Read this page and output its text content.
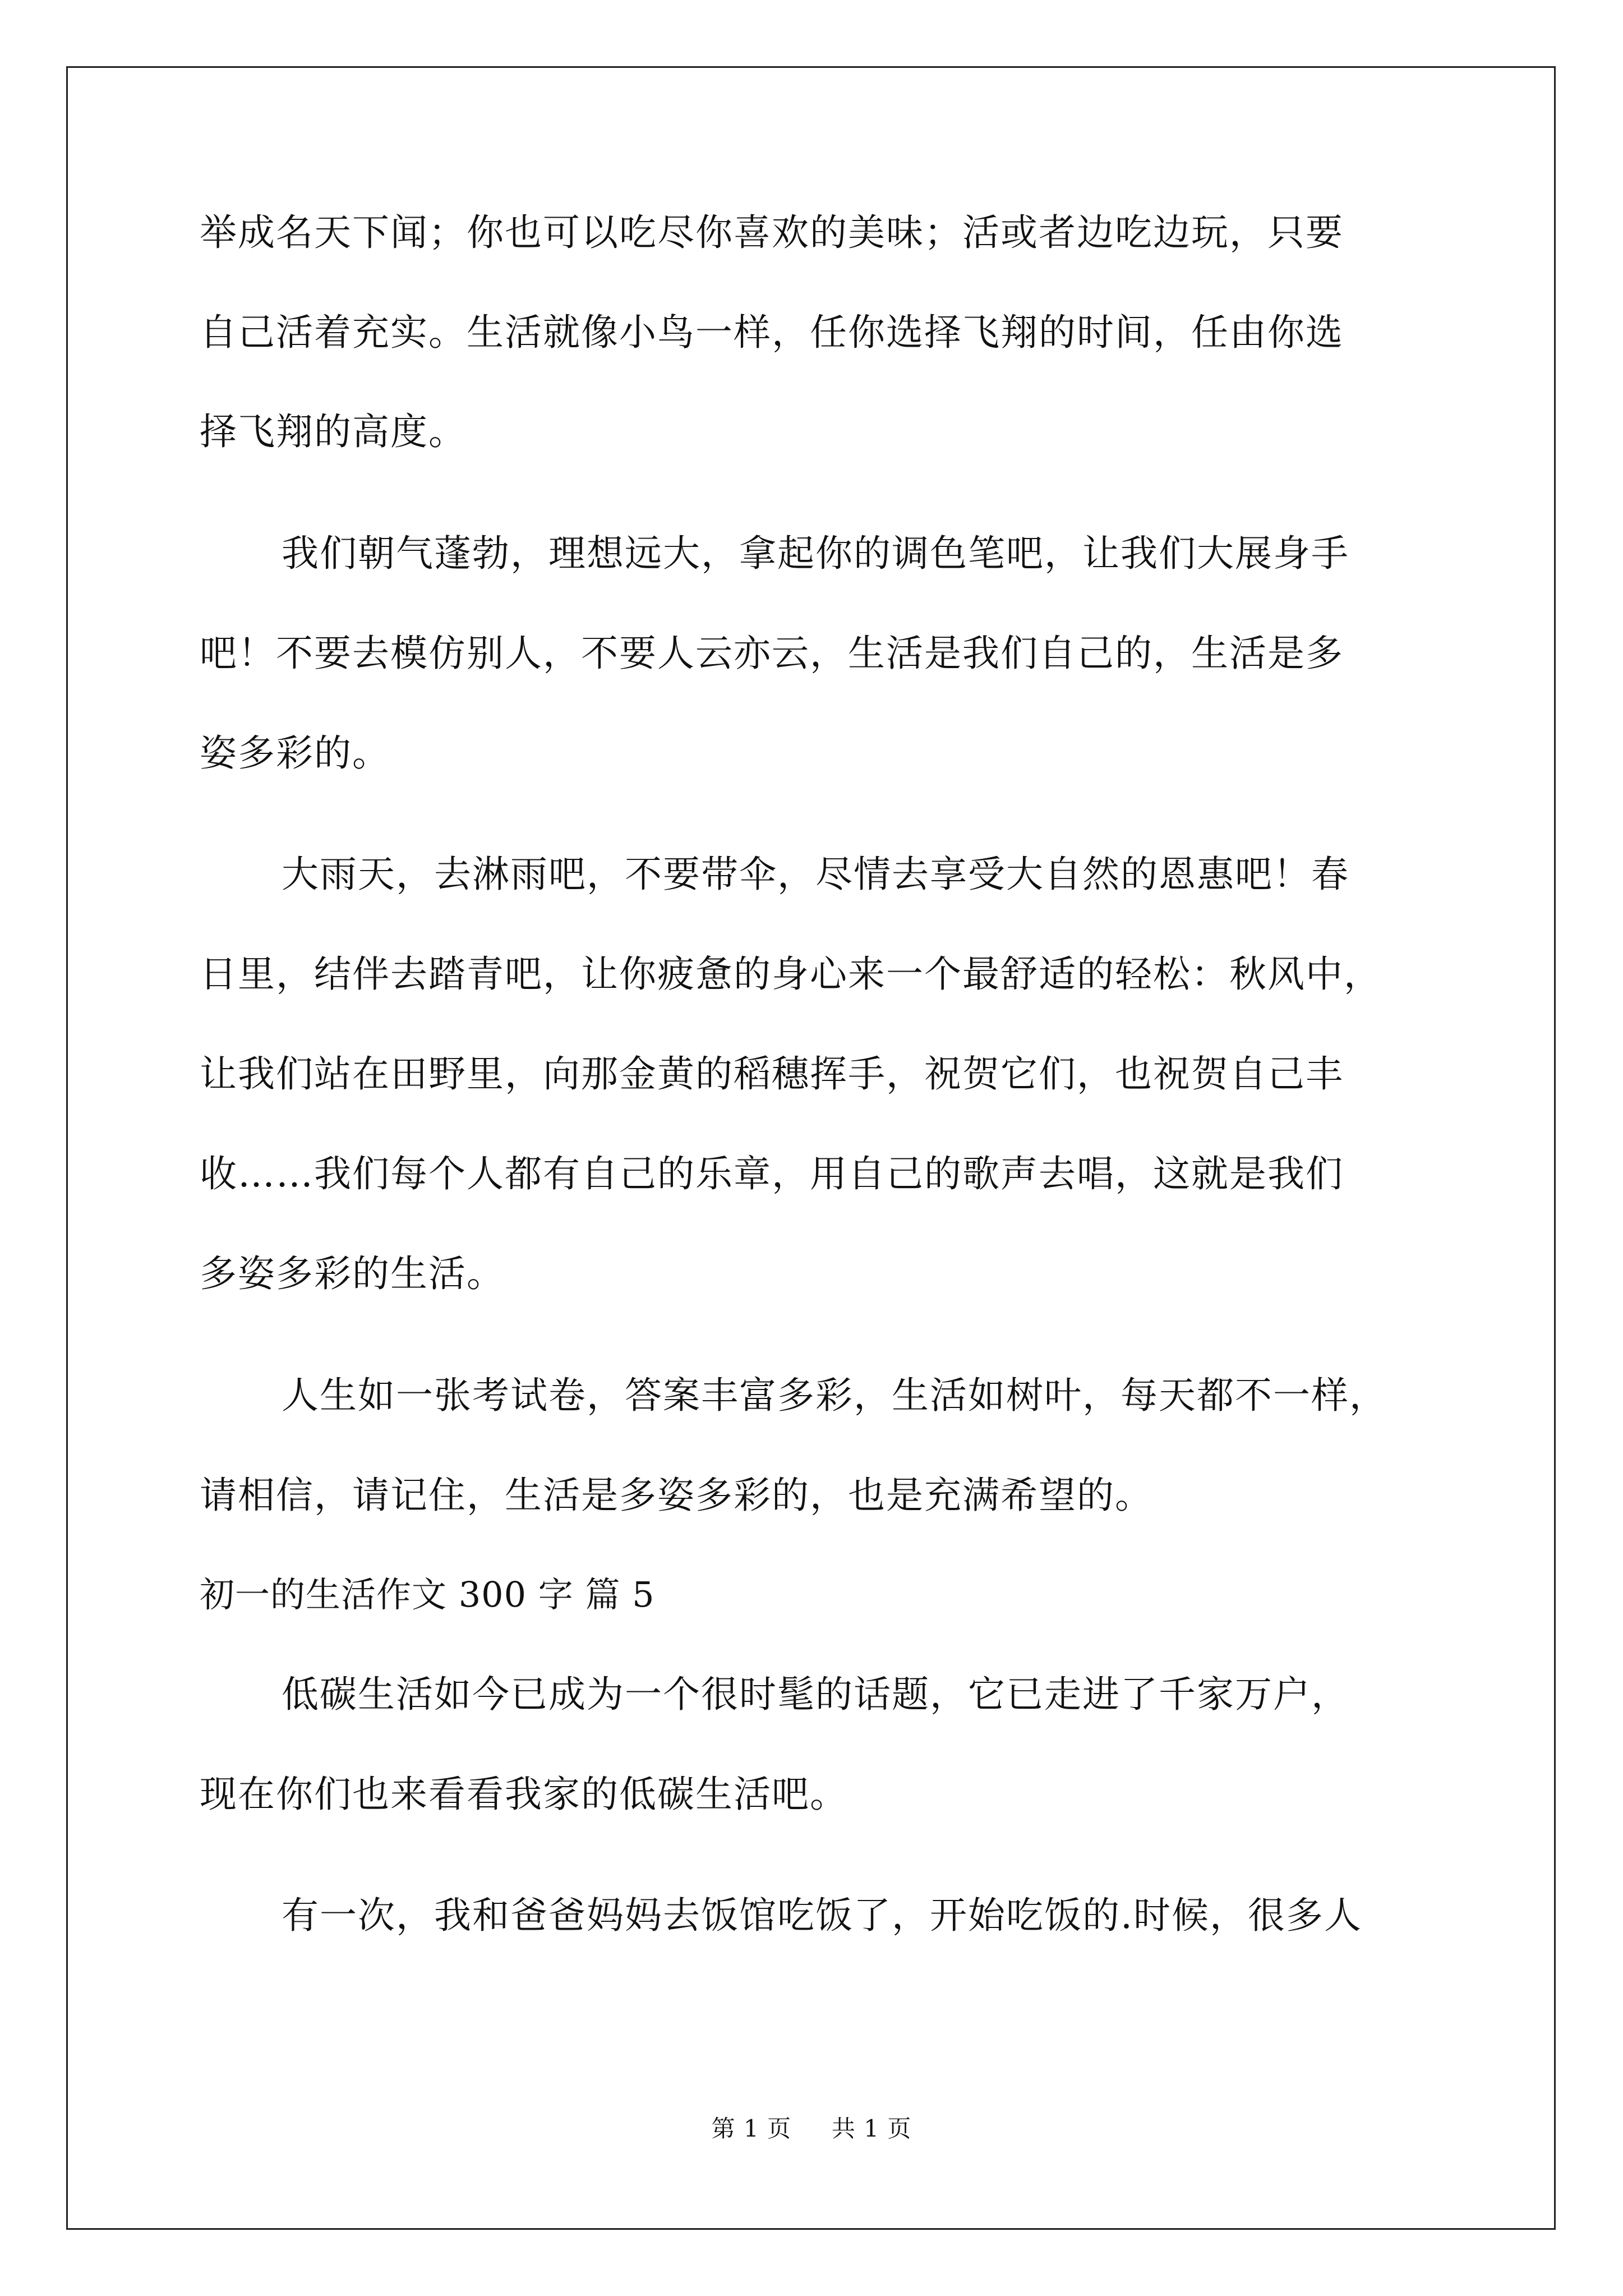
举成名天下闻；你也可以吃尽你喜欢的美味；活或者边吃边玩，只要
自己活着充实。生活就像小鸟一样，任你选择飞翔的时间，任由你选
择飞翔的高度。
我们朝气蓬勃，理想远大，拿起你的调色笔吧，让我们大展身手
吧！不要去模仿别人，不要人云亦云，生活是我们自己的，生活是多
姿多彩的。
大雨天，去淋雨吧，不要带伞，尽情去享受大自然的恩惠吧！春
日里，结伴去踏青吧，让你疲惫的身心来一个最舒适的轻松：秋风中，
让我们站在田野里，向那金黄的稻穗挥手，祝贺它们，也祝贺自己丰
收……我们每个人都有自己的乐章，用自己的歌声去唱，这就是我们
多姿多彩的生活。
人生如一张考试卷，答案丰富多彩，生活如树叶，每天都不一样，
请相信，请记住，生活是多姿多彩的，也是充满希望的。
初一的生活作文 300 字 篇 5
低碳生活如今已成为一个很时髦的话题，它已走进了千家万户，
现在你们也来看看我家的低碳生活吧。
有一次，我和爸爸妈妈去饭馆吃饭了，开始吃饭的.时候，很多人
第 1 页 共 1 页
